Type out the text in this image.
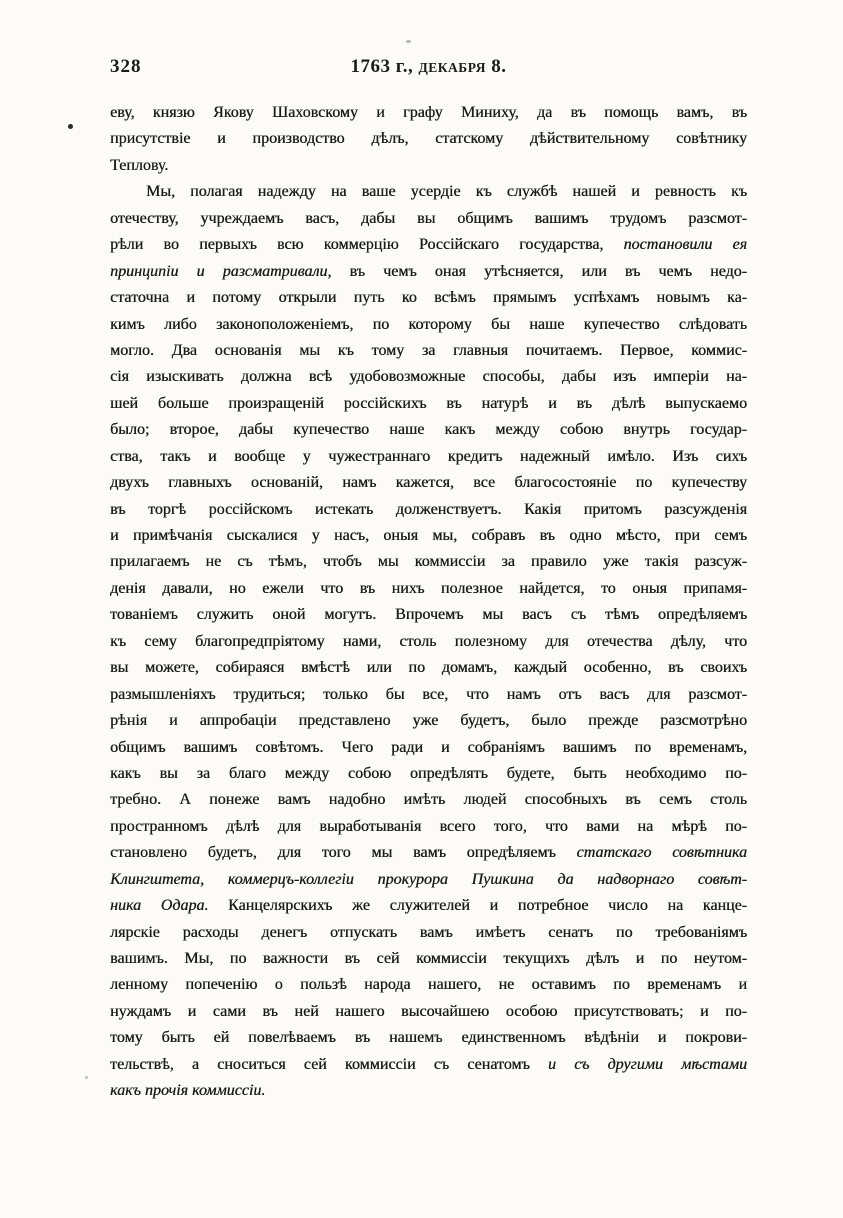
328	1763 г., ДЕКАБРЯ 8.
еву, князю Якову Шаховскому и графу Миниху, да въ помощь вамъ, въ
присутствіе и производство дѣлъ, статскому дѣйствительному совѣтнику
Теплову.
Мы, полагая надежду на ваше усердіе къ службѣ нашей и ревность къ
отечеству, учреждаемъ васъ, дабы вы общимъ вашимъ трудомъ разсмот-
рѣли во первыхъ всю коммерцію Россійскаго государства, постановили ея
принципіи и разсматривали, въ чемъ оная утѣсняется, или въ чемъ недо-
статочна и потому открыли путь ко всѣмъ прямымъ успѣхамъ новымъ ка-
кимъ либо законоположеніемъ, по которому бы наше купечество слѣдовать
могло. Два основанія мы къ тому за главныя почитаемъ. Первое, коммис-
сія изыскивать должна всѣ удобовозможные способы, дабы изъ имперіи на-
шей больше произращеній россійскихъ въ натурѣ и въ дѣлѣ выпускаемо
было; второе, дабы купечество наше какъ между собою внутрь государ-
ства, такъ и вообще у чужестраннаго кредитъ надежный имѣло. Изъ сихъ
двухъ главныхъ основаній, намъ кажется, все благосостояніе по купечеству
въ торгѣ россійскомъ истекать долженствуетъ. Какія притомъ разсужденія
и примѣчанія сыскалися у насъ, оныя мы, собравъ въ одно мѣсто, при семъ
прилагаемъ не съ тѣмъ, чтобъ мы коммиссіи за правило уже такія разсуж-
денія давали, но ежели что въ нихъ полезное найдется, то оныя припамя-
тованіемъ служить оной могутъ. Впрочемъ мы васъ съ тѣмъ опредѣляемъ
къ сему благопредпріятому нами, столь полезному для отечества дѣлу, что
вы можете, собираяся вмѣстѣ или по домамъ, каждый особенно, въ своихъ
размышленіяхъ трудиться; только бы все, что намъ отъ васъ для разсмот-
рѣнія и аппробаціи представлено уже будетъ, было прежде разсмотрѣно
общимъ вашимъ совѣтомъ. Чего ради и собраніямъ вашимъ по временамъ,
какъ вы за благо между собою опредѣлять будете, быть необходимо по-
требно. А понеже вамъ надобно имѣть людей способныхъ въ семъ столь
пространномъ дѣлѣ для выработыванія всего того, что вами на мѣрѣ по-
становлено будетъ, для того мы вамъ опредѣляемъ статскаго совѣтника
Клингштета, коммерцъ-коллегіи прокурора Пушкина да надворнаго совѣт-
ника Одара. Канцелярскихъ же служителей и потребное число на канце-
лярскіе расходы денегъ отпускать вамъ имѣетъ сенатъ по требованіямъ
вашимъ. Мы, по важности въ сей коммиссіи текущихъ дѣлъ и по неутом-
ленному попеченію о пользѣ народа нашего, не оставимъ по временамъ и
нуждамъ и сами въ ней нашего высочайшею особою присутствовать; и по-
тому быть ей повелѣваемъ въ нашемъ единственномъ вѣдѣніи и покрови-
тельствѣ, а сноситься сей коммиссіи съ сенатомъ и съ другими мѣстами
какъ прочія коммиссіи.
